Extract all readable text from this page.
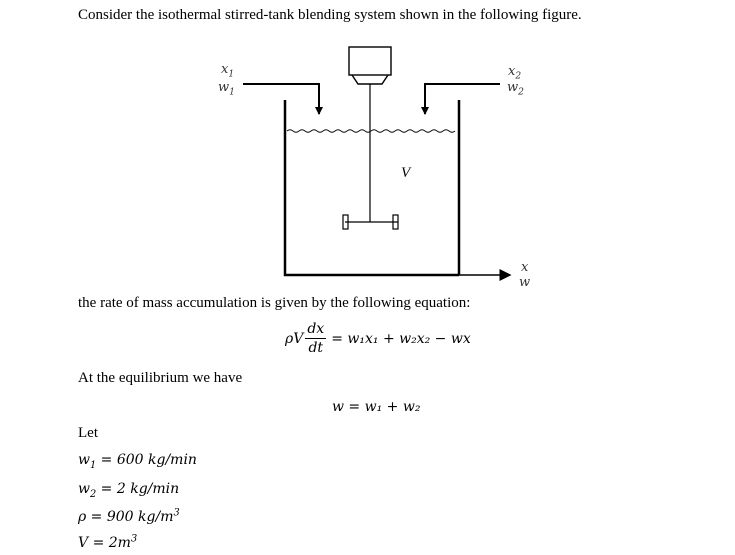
Consider the isothermal stirred-tank blending system shown in the following figure.
$x_1$
$w_1$
$x_2$
$w_2$
x
w
V
the rate of mass accumulation is given by the following equation:
ρV $\frac{dx}{dt} = w_1x_1 + w_2x_2$ − wx
At the equilibrium we have
w = w₁ + w₂
Let
$w_1 = 600$ kg/min
$w_2 = 2$ kg/min
ρ = 900 $kg/m^3$
$V = 2m^3$
